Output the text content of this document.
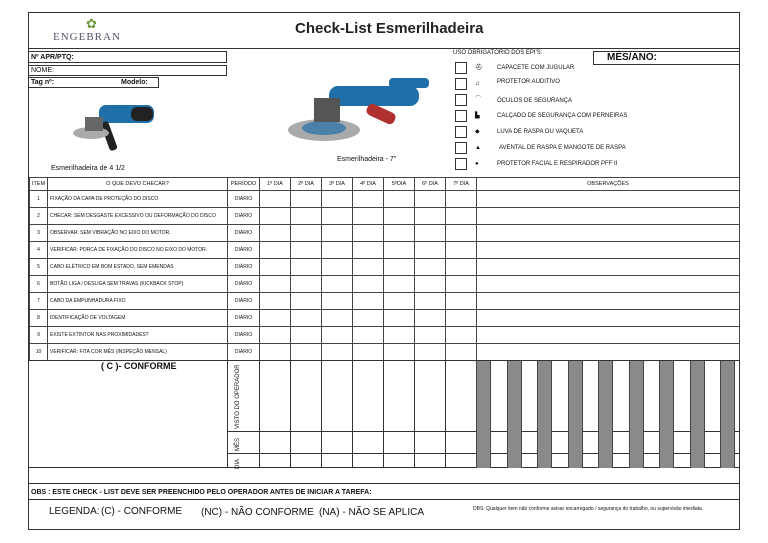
✿
ENGEBRAN	Check-List Esmerilhadeira
Nº APR/PTQ:
NOME:
Tag nº:	Modelo:
Esmerilhadeira de 4 1/2
Esmerilhadeira - 7"
USO OBRIGATÓRIO DOS EPI'S:	MÊS/ANO:
⛑ CAPACETE COM JUGULAR
♫	PROTETOR AUDITIVO
⌒	ÓCULOS DE SEGURANÇA
▙	CALÇADO DE SEGURANÇA COM PERNEIRAS
◆	LUVA DE RASPA OU VAQUETA
▲	AVENTAL DE RASPA E MANGOTE DE RASPA
●	PROTETOR FACIAL E RESPIRADOR PFF II
ITEM	O QUE DEVO CHECAR?	PERÍODO	1º DIA	2º DIA	3º DIA	4º DIA	5ºDIA	6º DIA	7º DIA	OBSERVAÇÕES
1	FIXAÇÃO DA CAPA DE PROTEÇÃO DO DISCO	DIÁRIO								
2	CHECAR: SEM DESGASTE EXCESSIVO OU DEFORMAÇÃO DO DISCO	DIÁRIO								
3	OBSERVAR: SEM VIBRAÇÃO NO EIXO DO MOTOR.	DIÁRIO								
4	VERIFICAR: PORCA DE FIXAÇÃO DO DISCO NO EIXO DO MOTOR.	DIÁRIO								
5	CABO ELÉTRICO EM BOM ESTADO, SEM EMENDAS	DIÁRIO								
6	BOTÃO LIGA / DESLIGA SEM TRAVAS (KICKBACK STOP)	DIÁRIO								
7	CABO DA EMPUNHADURA FIXO	DIÁRIO								
8	IDENTIFICAÇÃO DE VOLTAGEM	DIÁRIO								
9	EXISTE EXTINTOR NAS PROXIMIDADES?	DIÁRIO								
10	VERIFICAR: FITA COR MÊS (INSPEÇÃO MENSAL)	DIÁRIO								
( C )- CONFORME	VISTO DO OPERADOR
MÊS
DIA
OBS : ESTE CHECK - LIST DEVE SER PREENCHIDO PELO OPERADOR ANTES DE INICIAR A TAREFA:
LEGENDA: (C) - CONFORME (NC) - NÃO CONFORME (NA) - NÃO SE APLICA	OBS: Qualquer item não conforme avisar encarregado / segurança do trabalho, ou supervisão imediata.
